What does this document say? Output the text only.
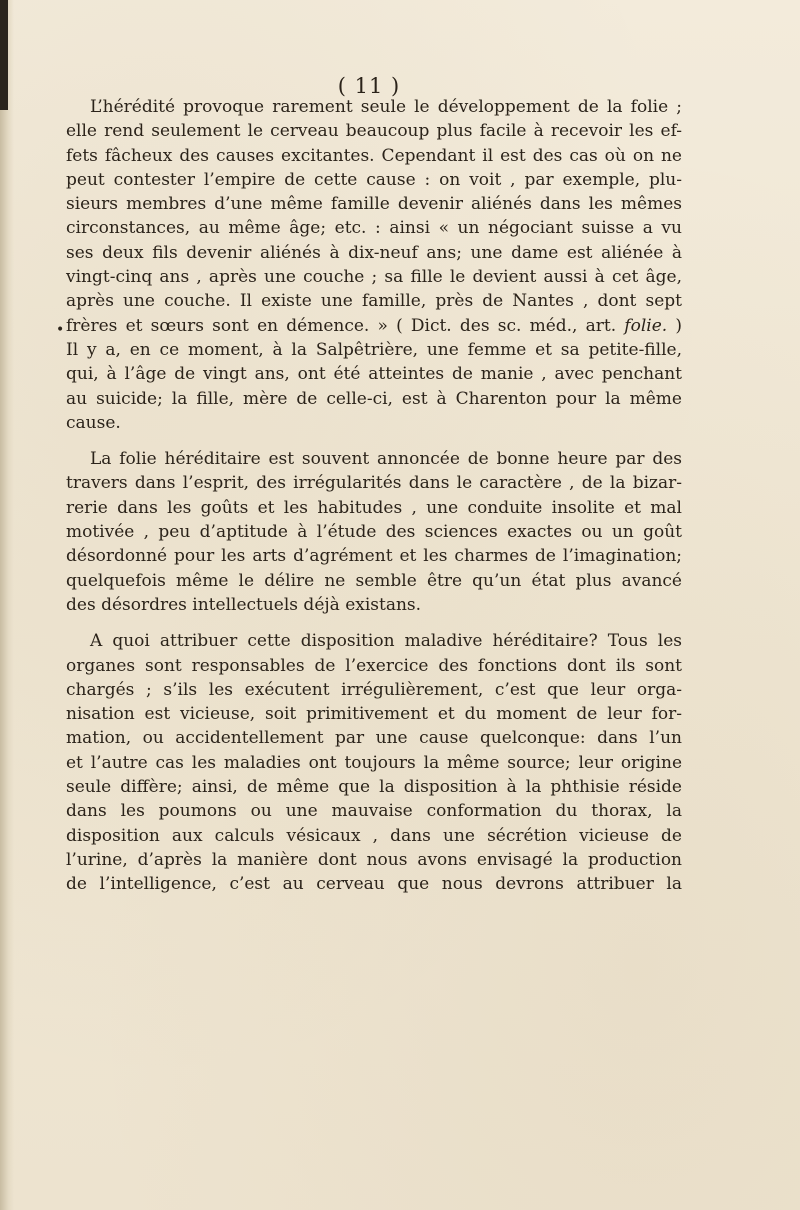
( 11 )
•
L’hérédité provoque rarement seule le développement de la folie ;
elle rend seulement le cerveau beaucoup plus facile à recevoir les ef-
fets fâcheux des causes excitantes. Cependant il est des cas où on ne
peut contester l’empire de cette cause : on voit , par exemple, plu-
sieurs membres d’une même famille devenir aliénés dans les mêmes
circonstances, au même âge; etc. : ainsi « un négociant suisse a vu
ses deux fils devenir aliénés à dix-neuf ans; une dame est aliénée à
vingt-cinq ans , après une couche ; sa fille le devient aussi à cet âge,
après une couche. Il existe une famille, près de Nantes , dont sept
frères et sœurs sont en démence. » ( Dict. des sc. méd., art. folie. )
Il y a, en ce moment, à la Salpêtrière, une femme et sa petite-fille,
qui, à l’âge de vingt ans, ont été atteintes de manie , avec penchant
au suicide; la fille, mère de celle-ci, est à Charenton pour la même
cause.
La folie héréditaire est souvent annoncée de bonne heure par des
travers dans l’esprit, des irrégularités dans le caractère , de la bizar-
rerie dans les goûts et les habitudes , une conduite insolite et mal
motivée , peu d’aptitude à l’étude des sciences exactes ou un goût
désordonné pour les arts d’agrément et les charmes de l’imagination;
quelquefois même le délire ne semble être qu’un état plus avancé
des désordres intellectuels déjà existans.
A quoi attribuer cette disposition maladive héréditaire? Tous les
organes sont responsables de l’exercice des fonctions dont ils sont
chargés ; s’ils les exécutent irrégulièrement, c’est que leur orga-
nisation est vicieuse, soit primitivement et du moment de leur for-
mation, ou accidentellement par une cause quelconque: dans l’un
et l’autre cas les maladies ont toujours la même source; leur origine
seule diffère; ainsi, de même que la disposition à la phthisie réside
dans les poumons ou une mauvaise conformation du thorax, la
disposition aux calculs vésicaux , dans une sécrétion vicieuse de
l’urine, d’après la manière dont nous avons envisagé la production
de l’intelligence, c’est au cerveau que nous devrons attribuer la
